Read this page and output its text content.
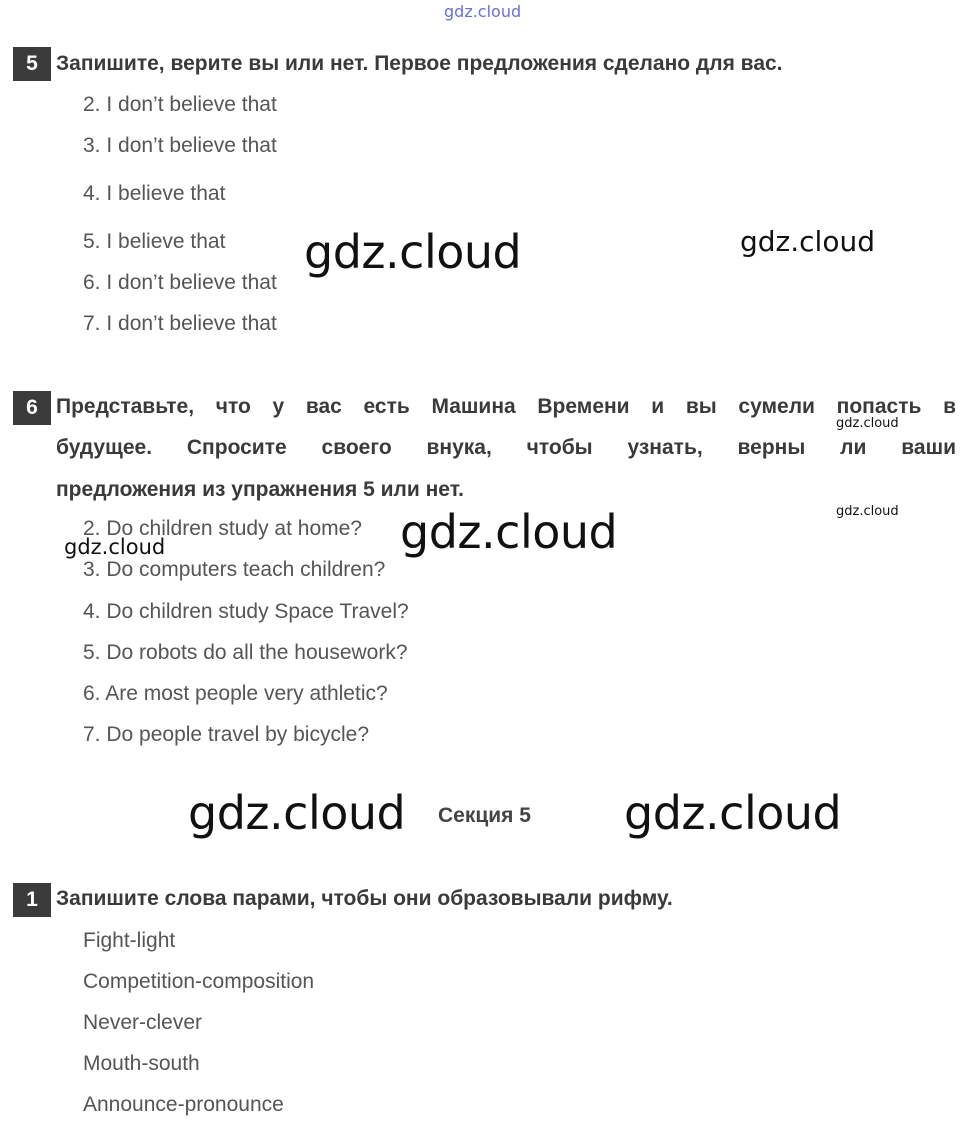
gdz.cloud
5 Запишите, верите вы или нет. Первое предложения сделано для вас.
2. I don’t believe that
3. I don’t believe that
4. I believe that
5. I believe that
6. I don’t believe that
7. I don’t believe that
gdz.cloud	gdz.cloud
6 Представьте, что у вас есть Машина Времени и вы сумели попасть в
будущее. Спросите своего внука, чтобы узнать, верны ли ваши
предложения из упражнения 5 или нет.
gdz.cloud
gdz.cloud
2. Do children study at home?
3. Do computers teach children?
4. Do children study Space Travel?
5. Do robots do all the housework?
6. Are most people very athletic?
7. Do people travel by bicycle?
gdz.cloud
gdz.cloud
gdz.cloud Секция 5 gdz.cloud
1 Запишите слова парами, чтобы они образовывали рифму.
Fight-light
Competition-composition
Never-clever
Mouth-south
Announce-pronounce
